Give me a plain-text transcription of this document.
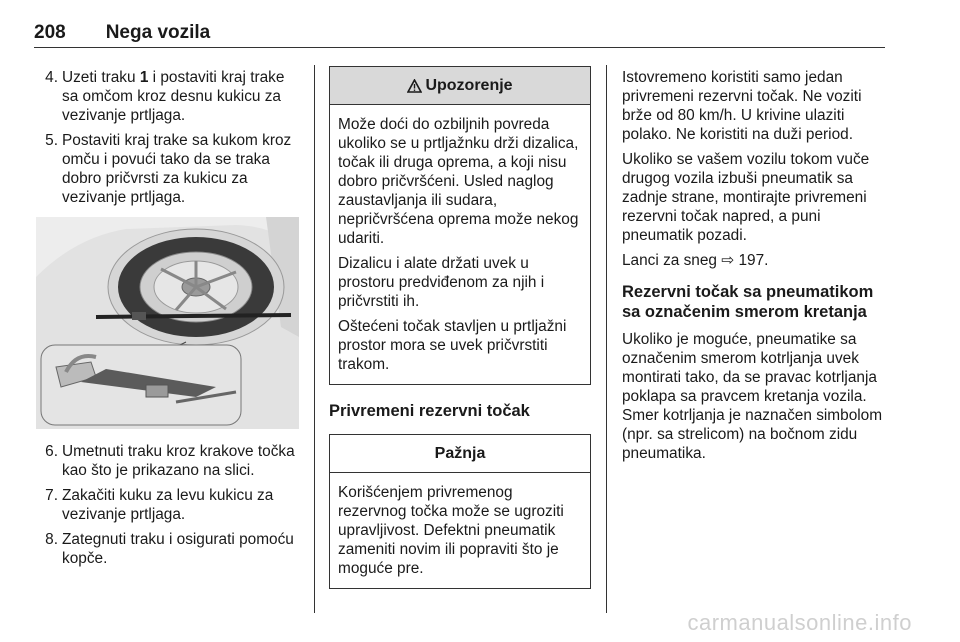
208 Nega vozila
4. Uzeti traku 1 i postaviti kraj trake sa omčom kroz desnu kukicu za vezivanje prtljaga.
5. Postaviti kraj trake sa kukom kroz omču i povući tako da se traka dobro pričvrsti za kukicu za vezivanje prtljaga.
6. Umetnuti traku kroz krakove točka kao što je prikazano na slici.
7. Zakačiti kuku za levu kukicu za vezivanje prtljaga.
8. Zategnuti traku i osigurati pomoću kopče.
Upozorenje

Može doći do ozbiljnih povreda ukoliko se u prtljažnku drži dizalica, točak ili druga oprema, a koji nisu dobro pričvršćeni. Usled naglog zaustavljanja ili sudara, nepričvršćena oprema može nekog udariti.

Dizalicu i alate držati uvek u prostoru predviđenom za njih i pričvrstiti ih.

Oštećeni točak stavljen u prtljažni prostor mora se uvek pričvrstiti trakom.

Privremeni rezervni točak
Pažnja

Korišćenjem privremenog rezervnog točka može se ugroziti upravljivost. Defektni pneumatik zameniti novim ili popraviti što je moguće pre.

Istovremeno koristiti samo jedan privremeni rezervni točak. Ne voziti brže od 80 km/h. U krivine ulaziti polako. Ne koristiti na duži period.

Ukoliko se vašem vozilu tokom vuče drugog vozila izbuši pneumatik sa zadnje strane, montirajte privremeni rezervni točak napred, a puni pneumatik pozadi.

Lanci za sneg ⇨ 197.

Rezervni točak sa pneumatikom sa označenim smerom kretanja

Ukoliko je moguće, pneumatike sa označenim smerom kotrljanja uvek montirati tako, da se pravac kotrljanja poklapa sa pravcem kretanja vozila. Smer kotrljanja je naznačen simbolom (npr. sa strelicom) na bočnom zidu pneumatika.

carmanualsonline.info
